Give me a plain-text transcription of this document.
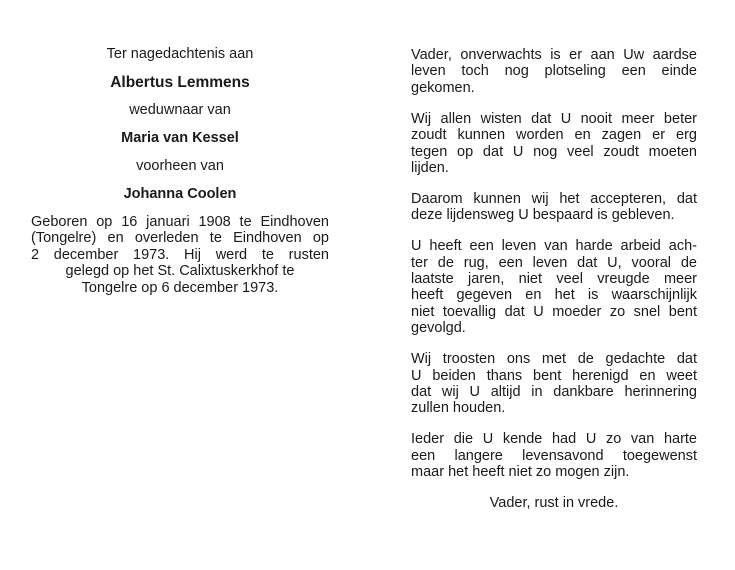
Ter nagedachtenis aan
Albertus Lemmens
weduwnaar van
Maria van Kessel
voorheen van
Johanna Coolen
Geboren op 16 januari 1908 te Eindhoven
(Tongelre) en overleden te Eindhoven op
2 december 1973. Hij werd te rusten
gelegd op het St. Calixtuskerkhof te
Tongelre op 6 december 1973.
Vader, onverwachts is er aan Uw aardse
leven toch nog plotseling een einde
gekomen.
Wij allen wisten dat U nooit meer beter
zoudt kunnen worden en zagen er erg
tegen op dat U nog veel zoudt moeten
lijden.
Daarom kunnen wij het accepteren, dat
deze lijdensweg U bespaard is gebleven.
U heeft een leven van harde arbeid ach-
ter de rug, een leven dat U, vooral de
laatste jaren, niet veel vreugde meer
heeft gegeven en het is waarschijnlijk
niet toevallig dat U moeder zo snel bent
gevolgd.
Wij troosten ons met de gedachte dat
U beiden thans bent herenigd en weet
dat wij U altijd in dankbare herinnering
zullen houden.
Ieder die U kende had U zo van harte
een langere levensavond toegewenst
maar het heeft niet zo mogen zijn.
Vader, rust in vrede.
